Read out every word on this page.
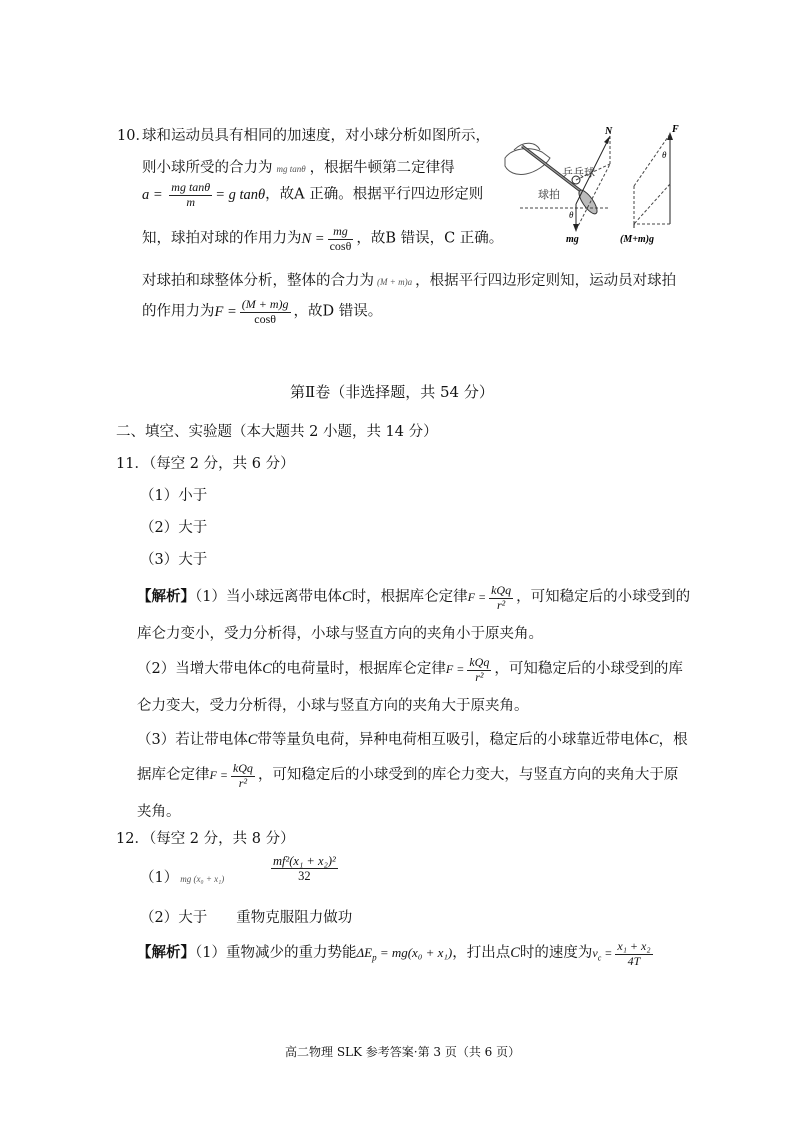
10．
球和运动员具有相同的加速度，对小球分析如图所示，
则小球所受的合力为 mg tanθ ，根据牛顿第二定律得
$a = \frac{\text{mg tanθ}}{m} = g$ tanθ，故A 正确。根据平行四边形定则
知，球拍对球的作用力为$N = \frac{mg}{\cos\theta}$ ，故B 错误，C 正确。
对球拍和球整体分析，整体的合力为 (M + m)a ，根据平行四边形定则知，运动员对球拍
的作用力为$F = \frac{(M + m)g}{\cos\theta}$ ，故D 错误。
N
乒乓球
球拍
θ
mg
F
θ
(M+m)g
第Ⅱ卷（非选择题，共 54 分）
二、填空、实验题（本大题共 2 小题，共 14 分）
11．（每空 2 分，共 6 分）
（1）小于
（2）大于
（3）大于
【解析】（1）当小球远离带电体C时，根据库仑定律$F = \frac{\text{kQq}}{\text{r²}}$ ，可知稳定后的小球受到的
库仑力变小，受力分析得，小球与竖直方向的夹角小于原夹角。
（2）当增大带电体C的电荷量时，根据库仑定律$F = \frac{\text{kQq}}{\text{r²}}$ ，可知稳定后的小球受到的库
仑力变大，受力分析得，小球与竖直方向的夹角大于原夹角。
（3）若让带电体C带等量负电荷，异种电荷相互吸引，稳定后的小球靠近带电体C，根
据库仑定律$F = \frac{\text{kQq}}{\text{r²}}$ ，可知稳定后的小球受到的库仑力变大，与竖直方向的夹角大于原
夹角。
12．（每空 2 分，共 8 分）
（1） mg (x₀ + x₁)	$\frac{\text{mf²(x₁ + x₂)²}}{32}$
（2）大于　　重物克服阻力做功
【解析】（1）重物减少的重力势能$\Delta E_p = mg(x_0 + x_1)$，打出点C时的速度为$v_c = \frac{\text{x₁ + x₂}}{4T}$
高二物理 SLK 参考答案·第 3 页（共 6 页）
